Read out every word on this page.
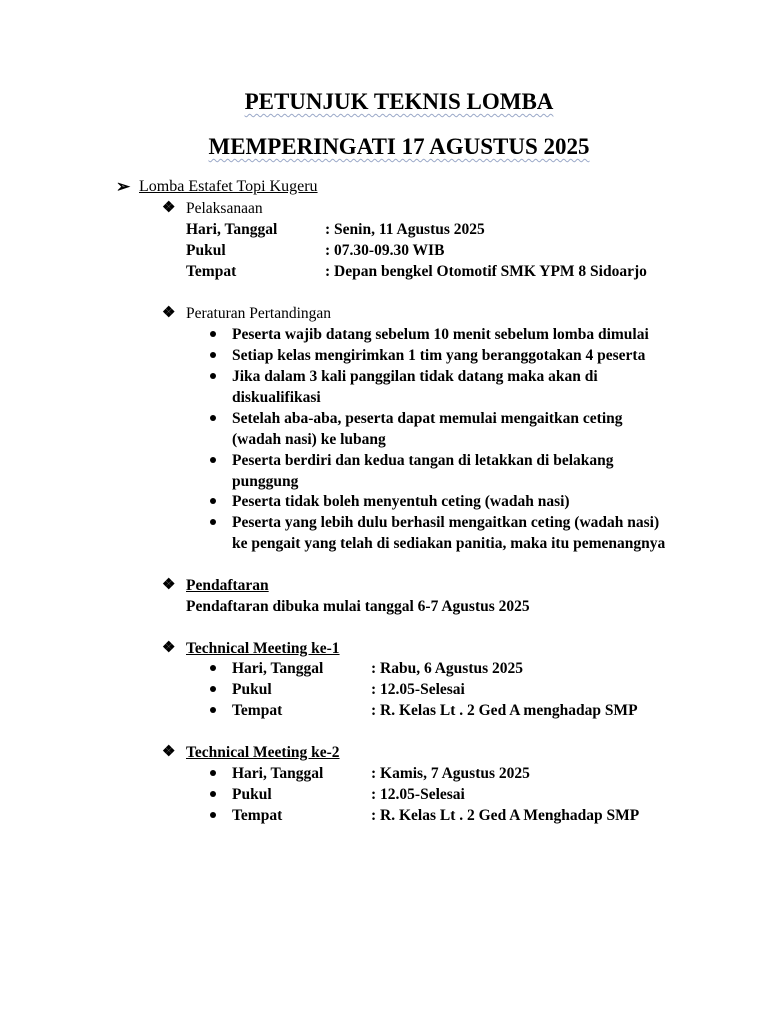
PETUNJUK TEKNIS LOMBA
MEMPERINGATI 17 AGUSTUS 2025
➢ Lomba Estafet Topi Kugeru
❖ Pelaksanaan
Hari, Tanggal	: Senin, 11 Agustus 2025
Pukul	: 07.30-09.30 WIB
Tempat	: Depan bengkel Otomotif SMK YPM 8 Sidoarjo
❖ Peraturan Pertandingan
Peserta wajib datang sebelum 10 menit sebelum lomba dimulai
Setiap kelas mengirimkan 1 tim yang beranggotakan 4 peserta
Jika dalam 3 kali panggilan tidak datang maka akan di
diskualifikasi
Setelah aba-aba, peserta dapat memulai mengaitkan ceting
(wadah nasi) ke lubang
Peserta berdiri dan kedua tangan di letakkan di belakang
punggung
Peserta tidak boleh menyentuh ceting (wadah nasi)
Peserta yang lebih dulu berhasil mengaitkan ceting (wadah nasi)
ke pengait yang telah di sediakan panitia, maka itu pemenangnya
❖ Pendaftaran
Pendaftaran dibuka mulai tanggal 6-7 Agustus 2025
❖ Technical Meeting ke-1
Hari, Tanggal	: Rabu, 6 Agustus 2025
Pukul	: 12.05-Selesai
Tempat	: R. Kelas Lt . 2 Ged A menghadap SMP
❖ Technical Meeting ke-2
Hari, Tanggal	: Kamis, 7 Agustus 2025
Pukul	: 12.05-Selesai
Tempat	: R. Kelas Lt . 2 Ged A Menghadap SMP
